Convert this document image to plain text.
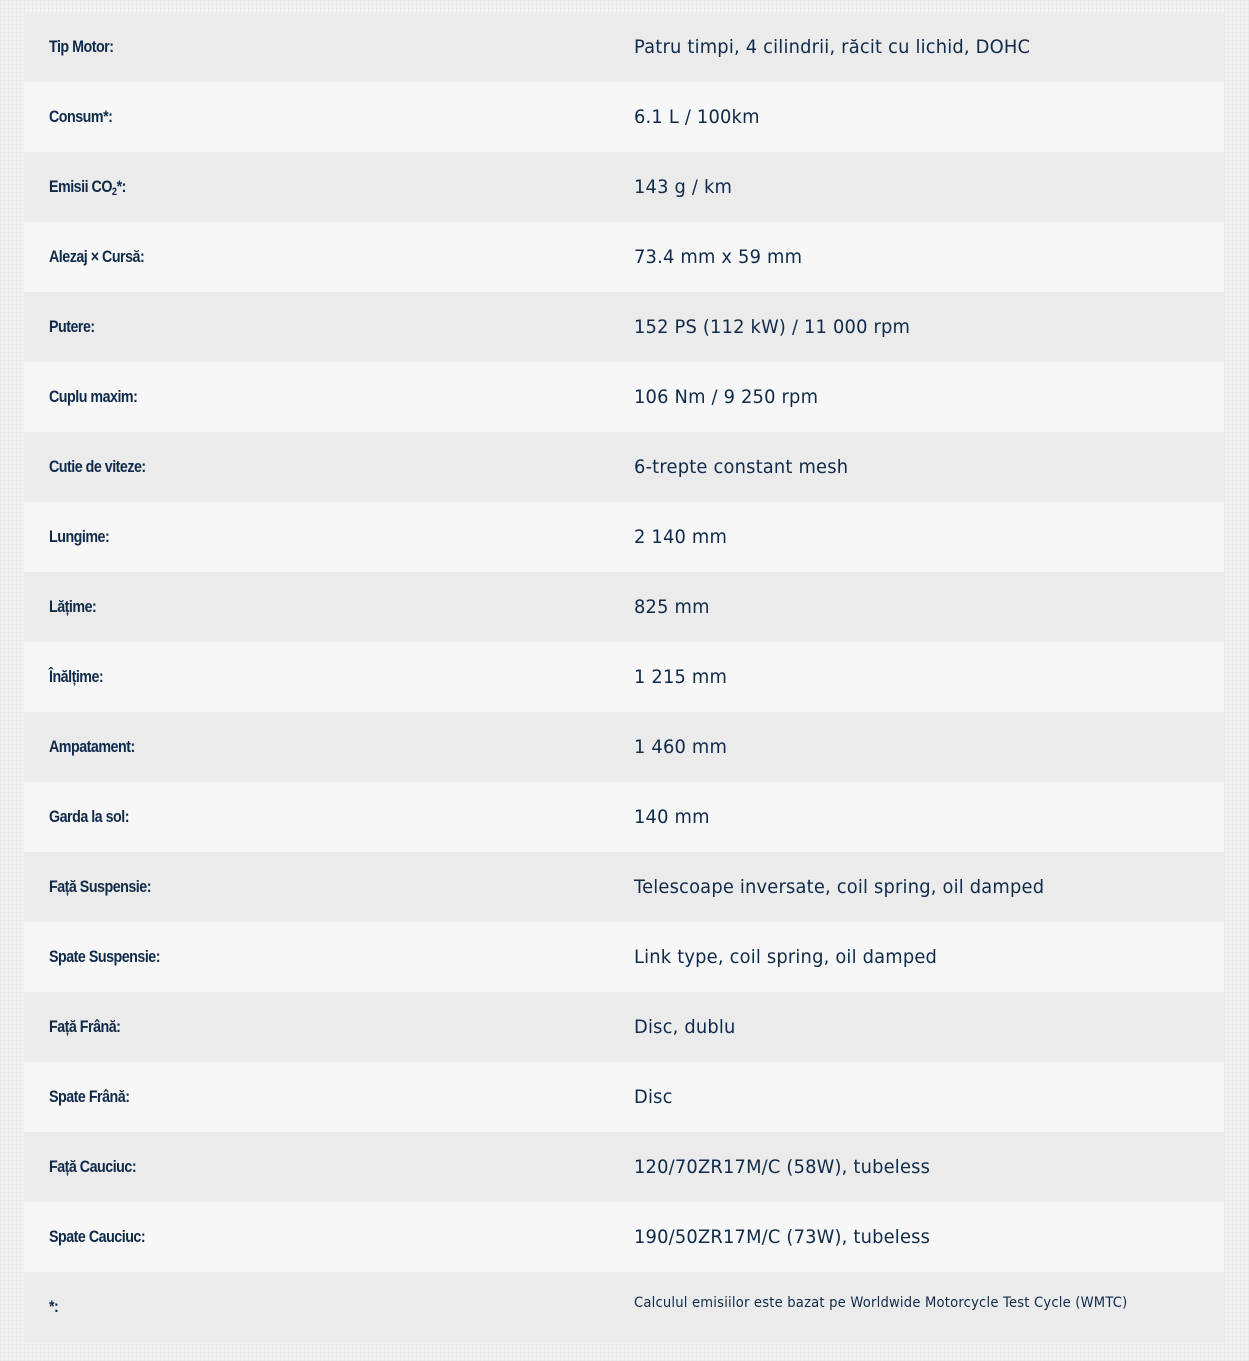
Tip Motor:	Patru timpi, 4 cilindrii, răcit cu lichid, DOHC
Consum*:	6.1 L / 100km
Emisii CO2*:	143 g / km
Alezaj × Cursă:	73.4 mm x 59 mm
Putere:	152 PS (112 kW) / 11 000 rpm
Cuplu maxim:	106 Nm / 9 250 rpm
Cutie de viteze:	6-trepte constant mesh
Lungime:	2 140 mm
Lățime:	825 mm
Înălțime:	1 215 mm
Ampatament:	1 460 mm
Garda la sol:	140 mm
Față Suspensie:	Telescoape inversate, coil spring, oil damped
Spate Suspensie:	Link type, coil spring, oil damped
Față Frână:	Disc, dublu
Spate Frână:	Disc
Față Cauciuc:	120/70ZR17M/C (58W), tubeless
Spate Cauciuc:	190/50ZR17M/C (73W), tubeless
*:	Calculul emisiilor este bazat pe Worldwide Motorcycle Test Cycle (WMTC)
